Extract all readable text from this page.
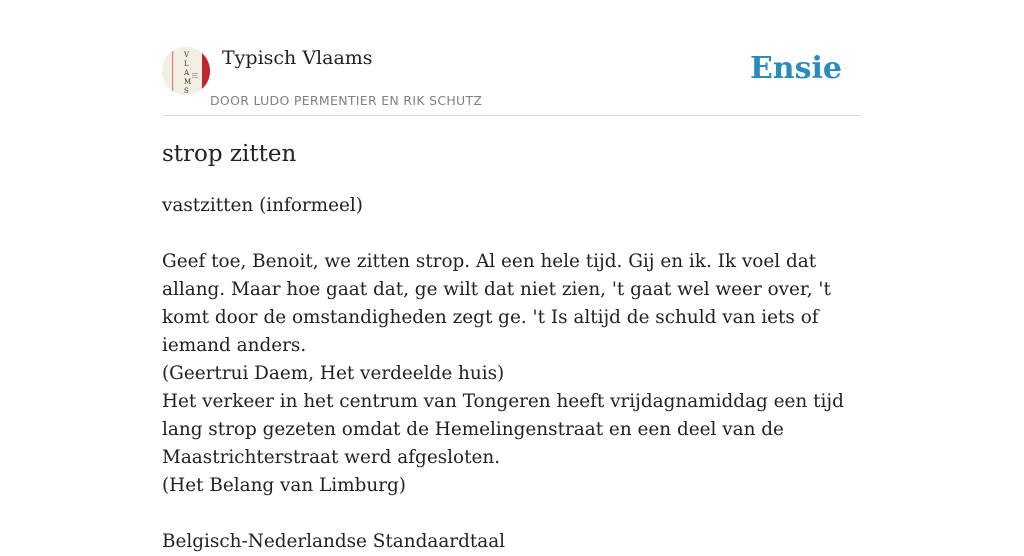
V
L
A
M
S
Typisch Vlaams
DOOR LUDO PERMENTIER EN RIK SCHUTZ
Ensie
strop zitten

vastzitten (informeel)

Geef toe, Benoit, we zitten strop. Al een hele tijd. Gij en ik. Ik voel dat allang. Maar hoe gaat dat, ge wilt dat niet zien, 't gaat wel weer over, 't komt door de omstandigheden zegt ge. 't Is altijd de schuld van iets of iemand anders.

(Geertrui Daem, Het verdeelde huis)

Het verkeer in het centrum van Tongeren heeft vrijdagnamiddag een tijd lang strop gezeten omdat de Hemelingenstraat en een deel van de Maastrichterstraat werd afgesloten.

(Het Belang van Limburg)

Belgisch-Nederlandse Standaardtaal
